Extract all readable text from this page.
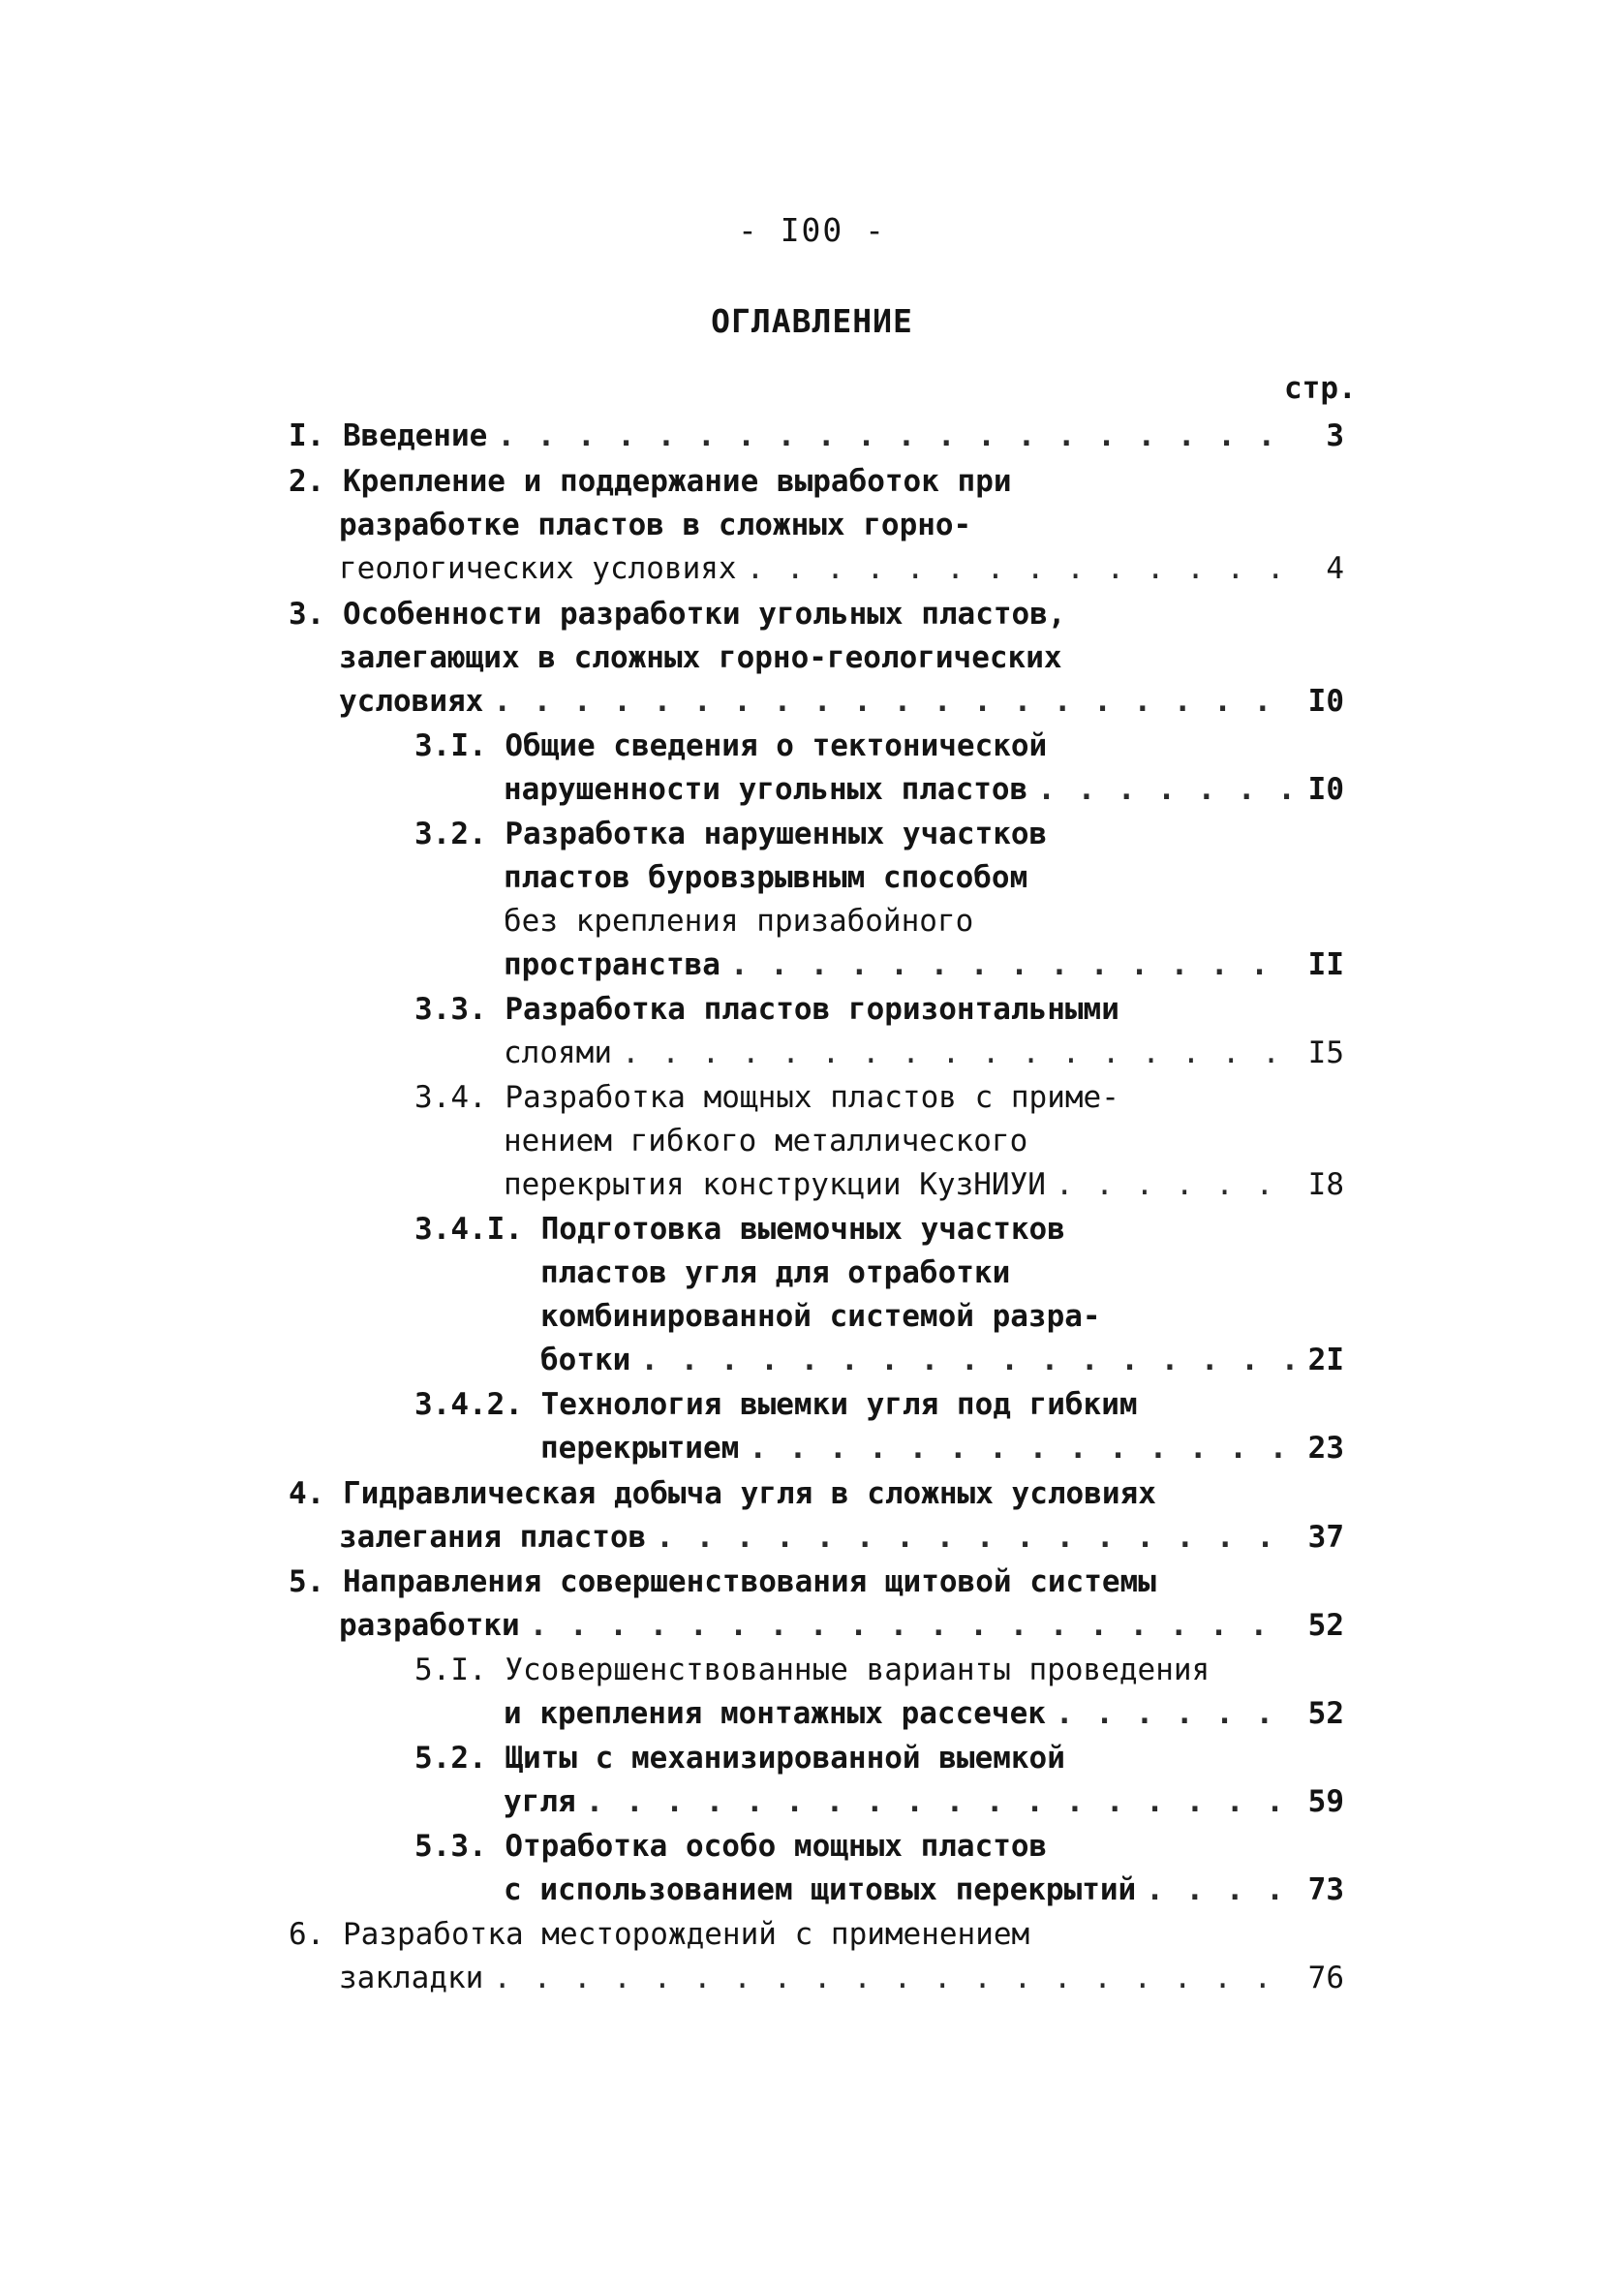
- I00 -
ОГЛАВЛЕНИЕ
стр.
I. Введение . . .	3
2. Крепление и поддержание выработок при
разработке пластов в сложных горно-
геологических условиях . . .	4
3. Особенности разработки угольных пластов,
залегающих в сложных горно-геологических
условиях . . .	I0
3.I. Общие сведения о тектонической
нарушенности угольных пластов . . .	I0
3.2. Разработка нарушенных участков
пластов буровзрывным способом
без крепления призабойного
пространства . . .	II
3.3. Разработка пластов горизонтальными
слоями . . .	I5
3.4. Разработка мощных пластов с приме-
нением гибкого металлического
перекрытия конструкции КузНИУИ . . .	I8
3.4.I. Подготовка выемочных участков
пластов угля для отработки
комбинированной системой разра-
ботки . . .	2I
3.4.2. Технология выемки угля под гибким
перекрытием . . .	23
4. Гидравлическая добыча угля в сложных условиях
залегания пластов . . .	37
5. Направления совершенствования щитовой системы
разработки . . .	52
5.I. Усовершенствованные варианты проведения
и крепления монтажных рассечек . . .	52
5.2. Щиты с механизированной выемкой
угля . . .	59
5.3. Отработка особо мощных пластов
с использованием щитовых перекрытий . . .	73
6. Разработка месторождений с применением
закладки . . .	76
